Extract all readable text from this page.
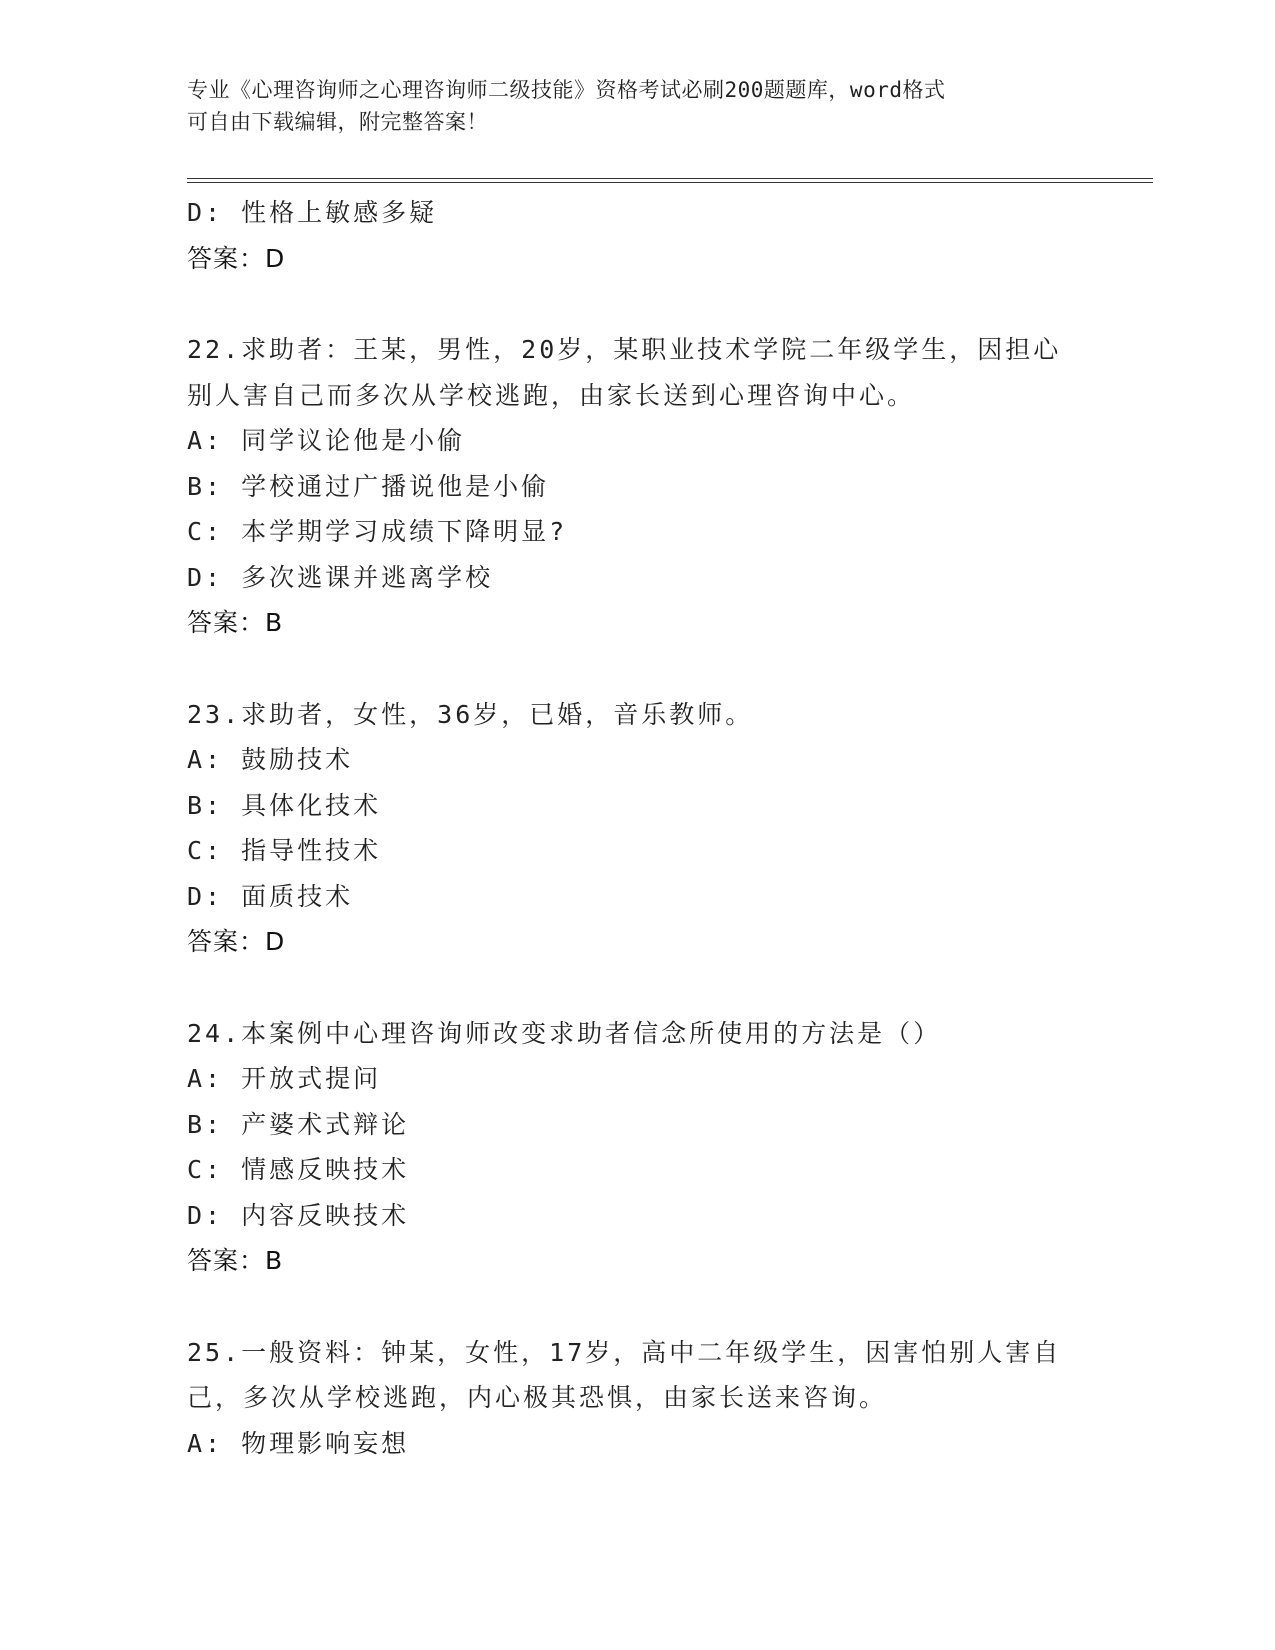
专业《心理咨询师之心理咨询师二级技能》资格考试必刷200题题库，word格式
可自由下载编辑，附完整答案！
D: 性格上敏感多疑
答案：D
22.求助者：王某，男性，20岁，某职业技术学院二年级学生，因担心
别人害自己而多次从学校逃跑，由家长送到心理咨询中心。
A: 同学议论他是小偷
B: 学校通过广播说他是小偷
C: 本学期学习成绩下降明显?
D: 多次逃课并逃离学校
答案：B
23.求助者，女性，36岁，已婚，音乐教师。
A: 鼓励技术
B: 具体化技术
C: 指导性技术
D: 面质技术
答案：D
24.本案例中心理咨询师改变求助者信念所使用的方法是（）
A: 开放式提问
B: 产婆术式辩论
C: 情感反映技术
D: 内容反映技术
答案：B
25.一般资料：钟某，女性，17岁，高中二年级学生，因害怕别人害自
己，多次从学校逃跑，内心极其恐惧，由家长送来咨询。
A: 物理影响妄想
